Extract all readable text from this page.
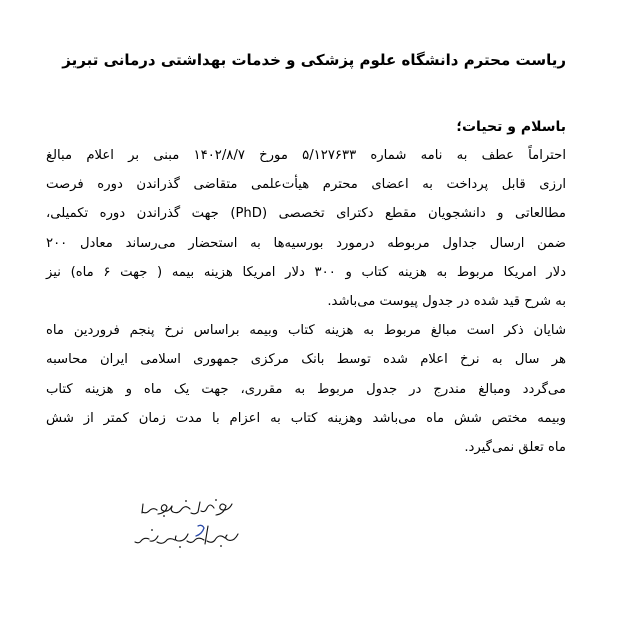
ریاست محترم دانشگاه علوم پزشکی و خدمات بهداشتی درمانی تبریز
باسلام و تحیات؛
احتراماً عطف به نامه شماره ۵/۱۲۷۶۳۳ مورخ ۱۴۰۲/۸/۷ مبنی بر اعلام مبالغ
ارزی قابل پرداخت به اعضای محترم هیأت‌علمی متقاضی گذراندن دوره فرصت
مطالعاتی و دانشجویان مقطع دکترای تخصصی (PhD) جهت گذراندن دوره تکمیلی،
ضمن ارسال جداول مربوطه درمورد بورسیه‌ها به استحضار می‌رساند معادل ۲۰۰
دلار امریکا مربوط به هزینه کتاب و ۳۰۰ دلار امریکا هزینه بیمه ( جهت ۶ ماه) نیز
به شرح قید شده در جدول پیوست می‌باشد.
شایان ذکر است مبالغ مربوط به هزینه کتاب وبیمه براساس نرخ پنجم فروردین ماه
هر سال به نرخ اعلام شده توسط بانک مرکزی جمهوری اسلامی ایران محاسبه
می‌گردد ومبالغ مندرج در جدول مربوط به مقرری، جهت یک ماه و هزینه کتاب
وبیمه مختص شش ماه می‌باشد وهزینه کتاب به اعزام با مدت زمان کمتر از شش
ماه تعلق نمی‌گیرد.
